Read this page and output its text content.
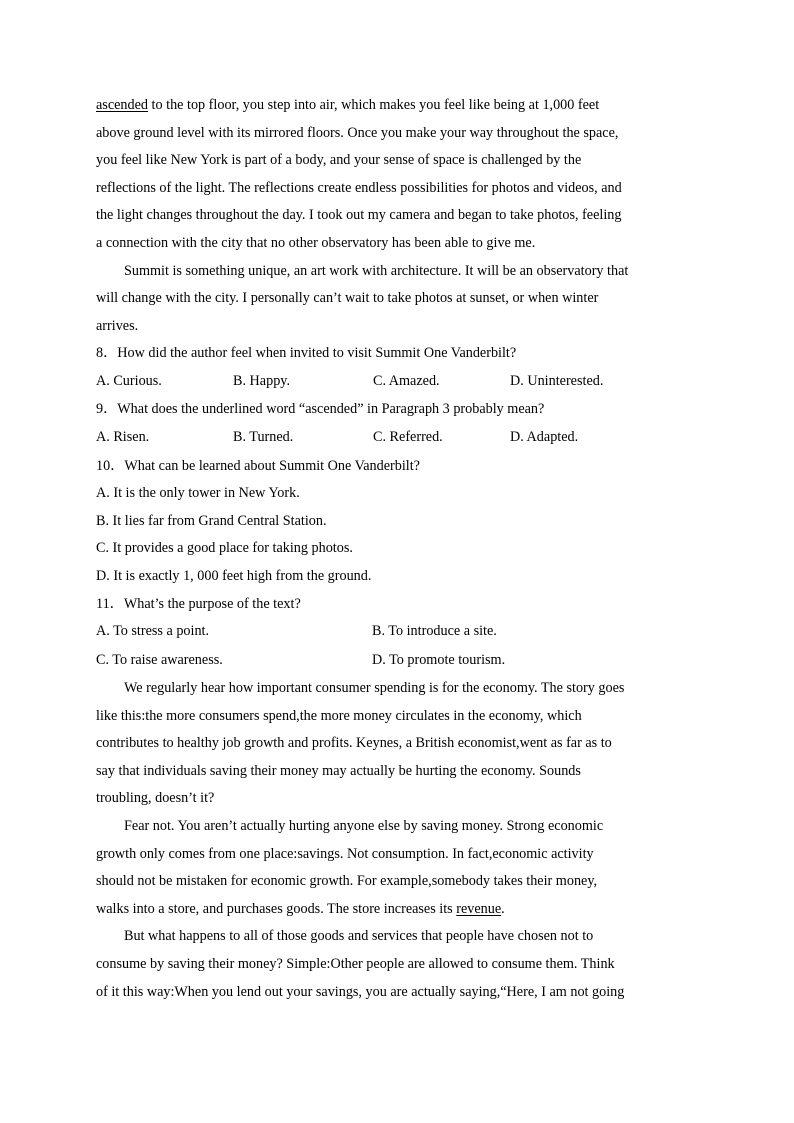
ascended to the top floor, you step into air, which makes you feel like being at 1,000 feet

above ground level with its mirrored floors. Once you make your way throughout the space,

you feel like New York is part of a body, and your sense of space is challenged by the

reflections of the light. The reflections create endless possibilities for photos and videos, and

the light changes throughout the day. I took out my camera and began to take photos, feeling

a connection with the city that no other observatory has been able to give me.

Summit is something unique, an art work with architecture. It will be an observatory that

will change with the city. I personally can’t wait to take photos at sunset, or when winter

arrives.

8．How did the author feel when invited to visit Summit One Vanderbilt?

A. Curious.	B. Happy.	C. Amazed.	D. Uninterested.

9．What does the underlined word “ascended” in Paragraph 3 probably mean?

A. Risen.	B. Turned.	C. Referred.	D. Adapted.

10．What can be learned about Summit One Vanderbilt?

A. It is the only tower in New York.

B. It lies far from Grand Central Station.

C. It provides a good place for taking photos.

D. It is exactly 1, 000 feet high from the ground.

11．What’s the purpose of the text?

A. To stress a point.	B. To introduce a site.
C. To raise awareness.	D. To promote tourism.

We regularly hear how important consumer spending is for the economy. The story goes

like this:the more consumers spend,the more money circulates in the economy, which

contributes to healthy job growth and profits. Keynes, a British economist,went as far as to

say that individuals saving their money may actually be hurting the economy. Sounds

troubling, doesn’t it?

Fear not. You aren’t actually hurting anyone else by saving money. Strong economic

growth only comes from one place:savings. Not consumption. In fact,economic activity

should not be mistaken for economic growth. For example,somebody takes their money,

walks into a store, and purchases goods. The store increases its revenue.

But what happens to all of those goods and services that people have chosen not to

consume by saving their money? Simple:Other people are allowed to consume them. Think

of it this way:When you lend out your savings, you are actually saying,“Here, I am not going
